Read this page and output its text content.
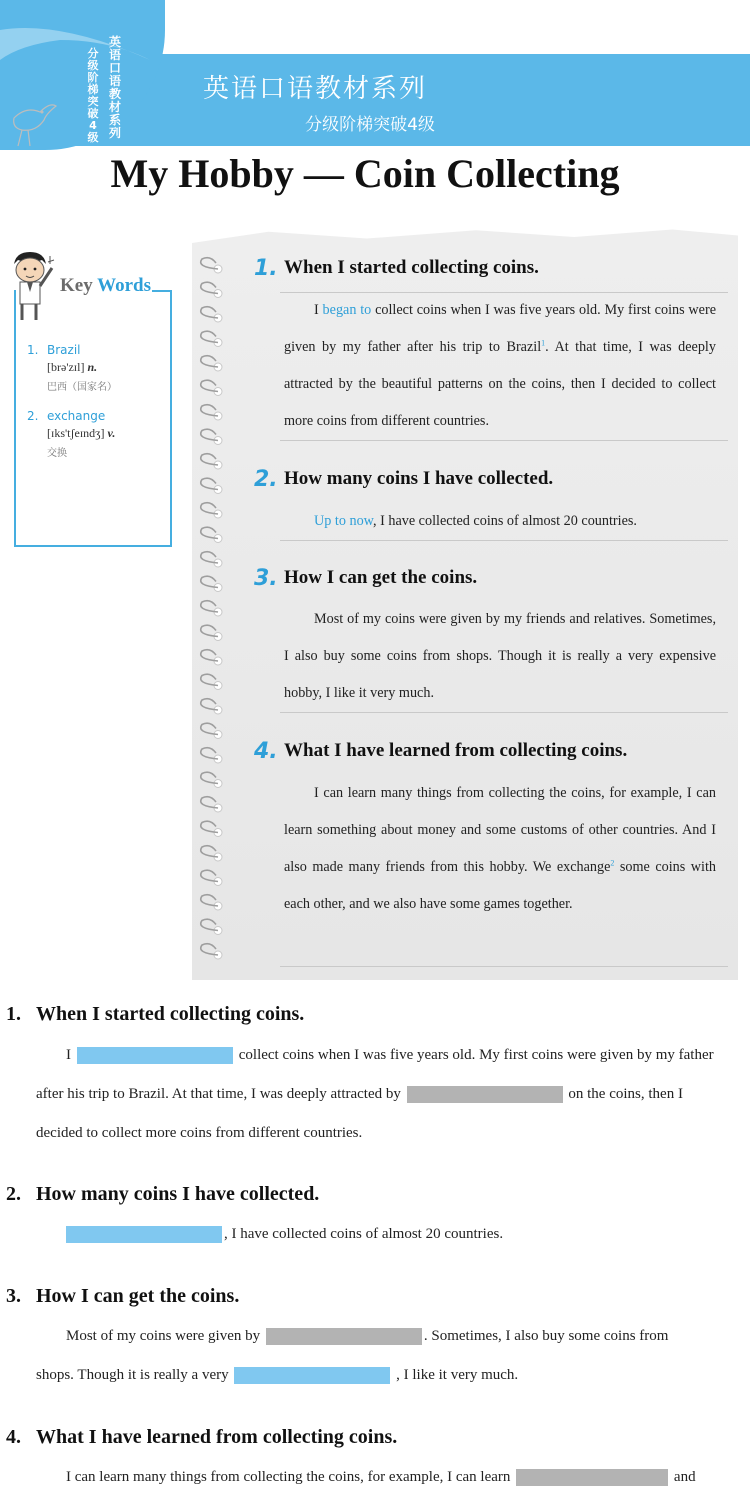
英语口语教材系列
分级阶梯突破4级
英语口语教材系列
分级阶梯突破4级
My Hobby — Coin Collecting
Key Words
1. Brazil
[brə'zɪl] n.
巴西（国家名）
2. exchange
[ɪks'tʃeɪndʒ] v.
交换
1. When I started collecting coins.
I began to collect coins when I was five years old. My first coins were given by my father after his trip to Brazil$^1$. At that time, I was deeply attracted by the beautiful patterns on the coins, then I decided to collect more coins from different countries.
2. How many coins I have collected.
Up to now, I have collected coins of almost 20 countries.
3. How I can get the coins.
Most of my coins were given by my friends and relatives. Sometimes, I also buy some coins from shops. Though it is really a very expensive hobby, I like it very much.
4. What I have learned from collecting coins.
I can learn many things from collecting the coins, for example, I can learn something about money and some customs of other countries. And I also made many friends from this hobby. We exchange$^2$ some coins with each other, and we also have some games together.
1. When I started collecting coins.
I	collect coins when I was five years old. My first coins were given by my father
after his trip to Brazil. At that time, I was deeply attracted by	on the coins, then I
decided to collect more coins from different countries.
2. How many coins I have collected.
, I have collected coins of almost 20 countries.
3. How I can get the coins.
Most of my coins were given by	. Sometimes, I also buy some coins from
shops. Though it is really a very	, I like it very much.
4. What I have learned from collecting coins.
I can learn many things from collecting the coins, for example, I can learn	and
